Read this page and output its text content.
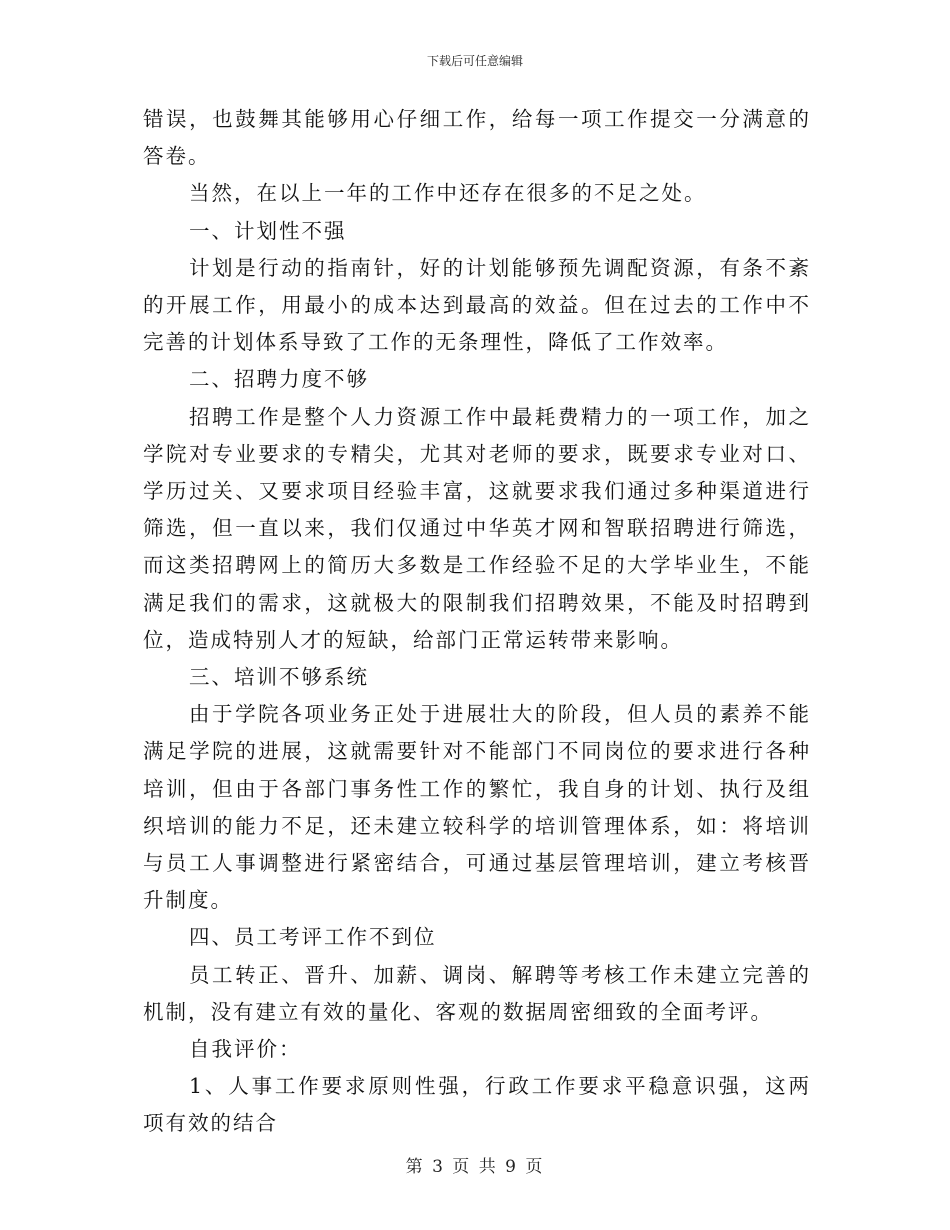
下载后可任意编辑

错误，也鼓舞其能够用心仔细工作，给每一项工作提交一分满意的答卷。

当然，在以上一年的工作中还存在很多的不足之处。

一、计划性不强

计划是行动的指南针，好的计划能够预先调配资源，有条不紊的开展工作，用最小的成本达到最高的效益。但在过去的工作中不完善的计划体系导致了工作的无条理性，降低了工作效率。

二、招聘力度不够

招聘工作是整个人力资源工作中最耗费精力的一项工作，加之学院对专业要求的专精尖，尤其对老师的要求，既要求专业对口、学历过关、又要求项目经验丰富，这就要求我们通过多种渠道进行筛选，但一直以来，我们仅通过中华英才网和智联招聘进行筛选，而这类招聘网上的简历大多数是工作经验不足的大学毕业生，不能满足我们的需求，这就极大的限制我们招聘效果，不能及时招聘到位，造成特别人才的短缺，给部门正常运转带来影响。

三、培训不够系统

由于学院各项业务正处于进展壮大的阶段，但人员的素养不能满足学院的进展，这就需要针对不能部门不同岗位的要求进行各种培训，但由于各部门事务性工作的繁忙，我自身的计划、执行及组织培训的能力不足，还未建立较科学的培训管理体系，如：将培训与员工人事调整进行紧密结合，可通过基层管理培训，建立考核晋升制度。

四、员工考评工作不到位

员工转正、晋升、加薪、调岗、解聘等考核工作未建立完善的机制，没有建立有效的量化、客观的数据周密细致的全面考评。

自我评价：

1、人事工作要求原则性强，行政工作要求平稳意识强，这两项有效的结合

第 3 页 共 9 页
